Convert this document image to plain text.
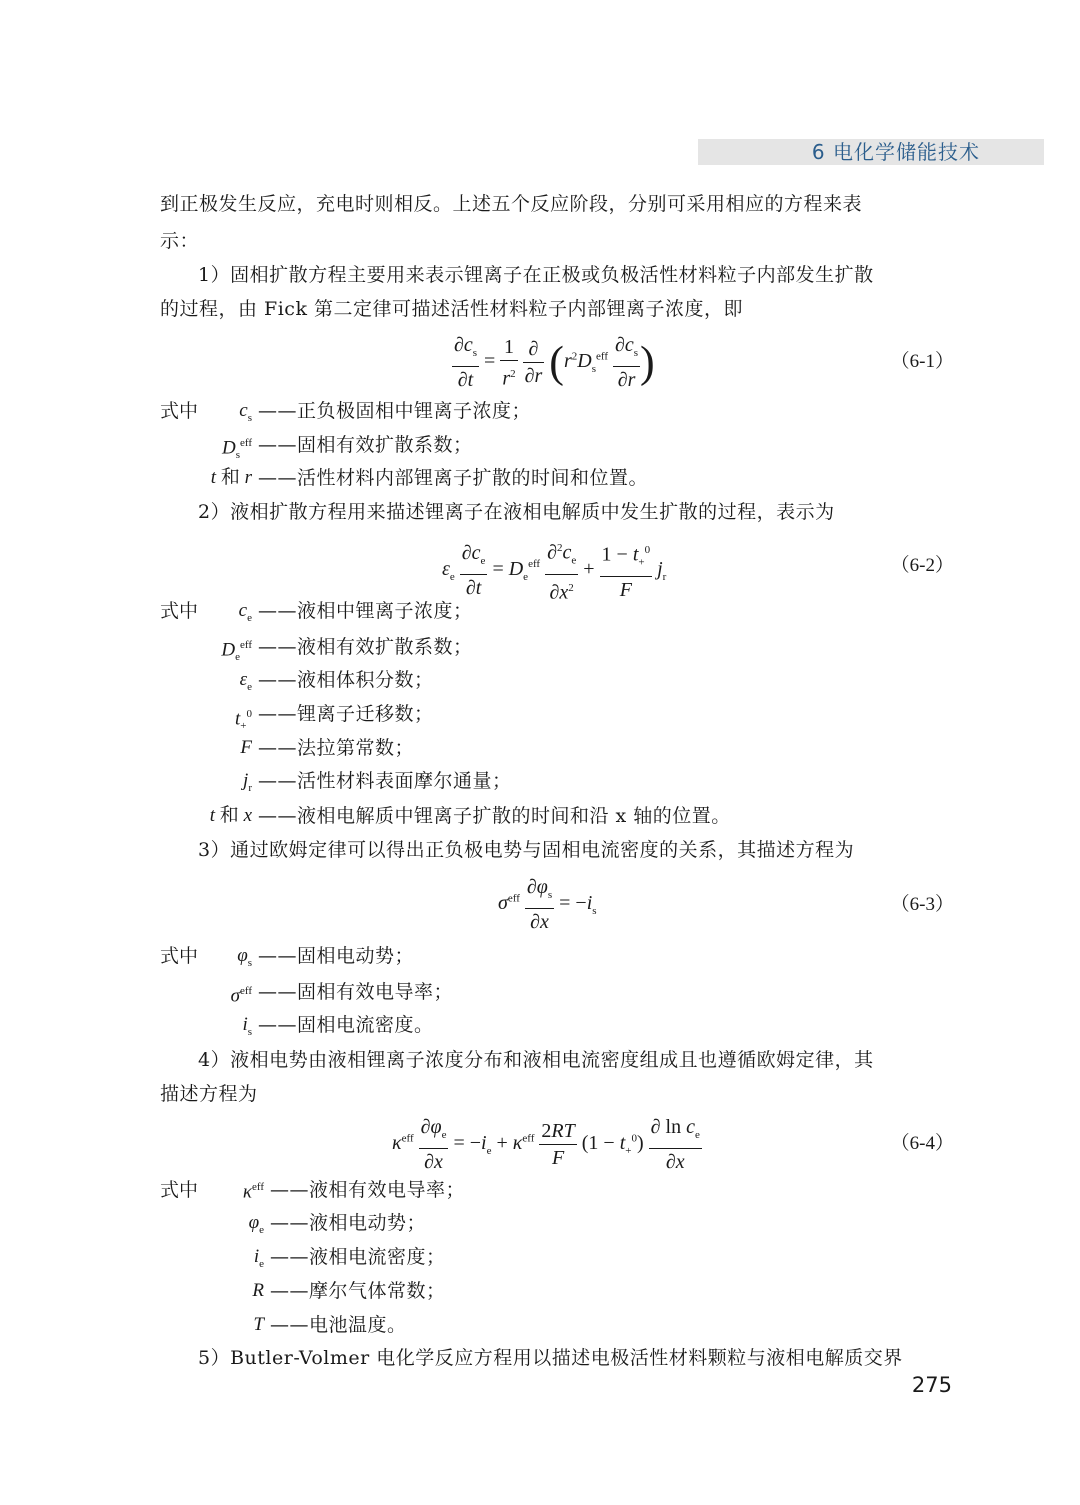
6 电化学储能技术
到正极发生反应，充电时则相反。上述五个反应阶段，分别可采用相应的方程来表
示：
1）固相扩散方程主要用来表示锂离子在正极或负极活性材料粒子内部发生扩散
的过程，由 Fick 第二定律可描述活性材料粒子内部锂离子浓度，即
$\frac{\partial c_s}{\partial t} = \frac{1}{r^2}$
$\frac{\partial}{\partial r} (r^2D_s^{eff} \frac{\partial c_s}{\partial r}$ )	（6-1）
式中	$c_s$ ——正负极固相中锂离子浓度；
$D_s^{eff}$ ——固相有效扩散系数；
t 和 r ——活性材料内部锂离子扩散的时间和位置。
2）液相扩散方程用来描述锂离子在液相电解质中发生扩散的过程，表示为
$\varepsilon_e \frac{\partial c_e}{\partial t} = D_e^{eff} \frac{\partial^2c_e}{\partial x^2} + \frac{1 - t_+^0}{F} j_r$
（6-2）
式中	$c_e$ ——液相中锂离子浓度；
$D_e^{eff}$ ——液相有效扩散系数；
$\varepsilon_e$ ——液相体积分数；
$t_+^0$ ——锂离子迁移数；
F ——法拉第常数；
$j_r$ ——活性材料表面摩尔通量；
t 和 x ——液相电解质中锂离子扩散的时间和沿 x 轴的位置。
3）通过欧姆定律可以得出正负极电势与固相电流密度的关系，其描述方程为
$\sigma^{eff} \frac{\partial\varphi_s}{\partial x} = -i_s$	（6-3）
式中	$\varphi_s$ ——固相电动势；
$\sigma^{eff}$ ——固相有效电导率；
$i_s$ ——固相电流密度。
4）液相电势由液相锂离子浓度分布和液相电流密度组成且也遵循欧姆定律，其
描述方程为
$\kappa^{eff} \frac{\partial\varphi_e}{\partial x} = -i_e + \kappa^{eff} \frac{2RT}{F} (1 - t_+^0) \frac{\partial \ln c_e}{\partial x}$	（6-4）
式中	$\kappa^{eff}$ ——液相有效电导率；
$\varphi_e$ ——液相电动势；
$i_e$ ——液相电流密度；
R ——摩尔气体常数；
T ——电池温度。
5）Butler-Volmer 电化学反应方程用以描述电极活性材料颗粒与液相电解质交界
275
